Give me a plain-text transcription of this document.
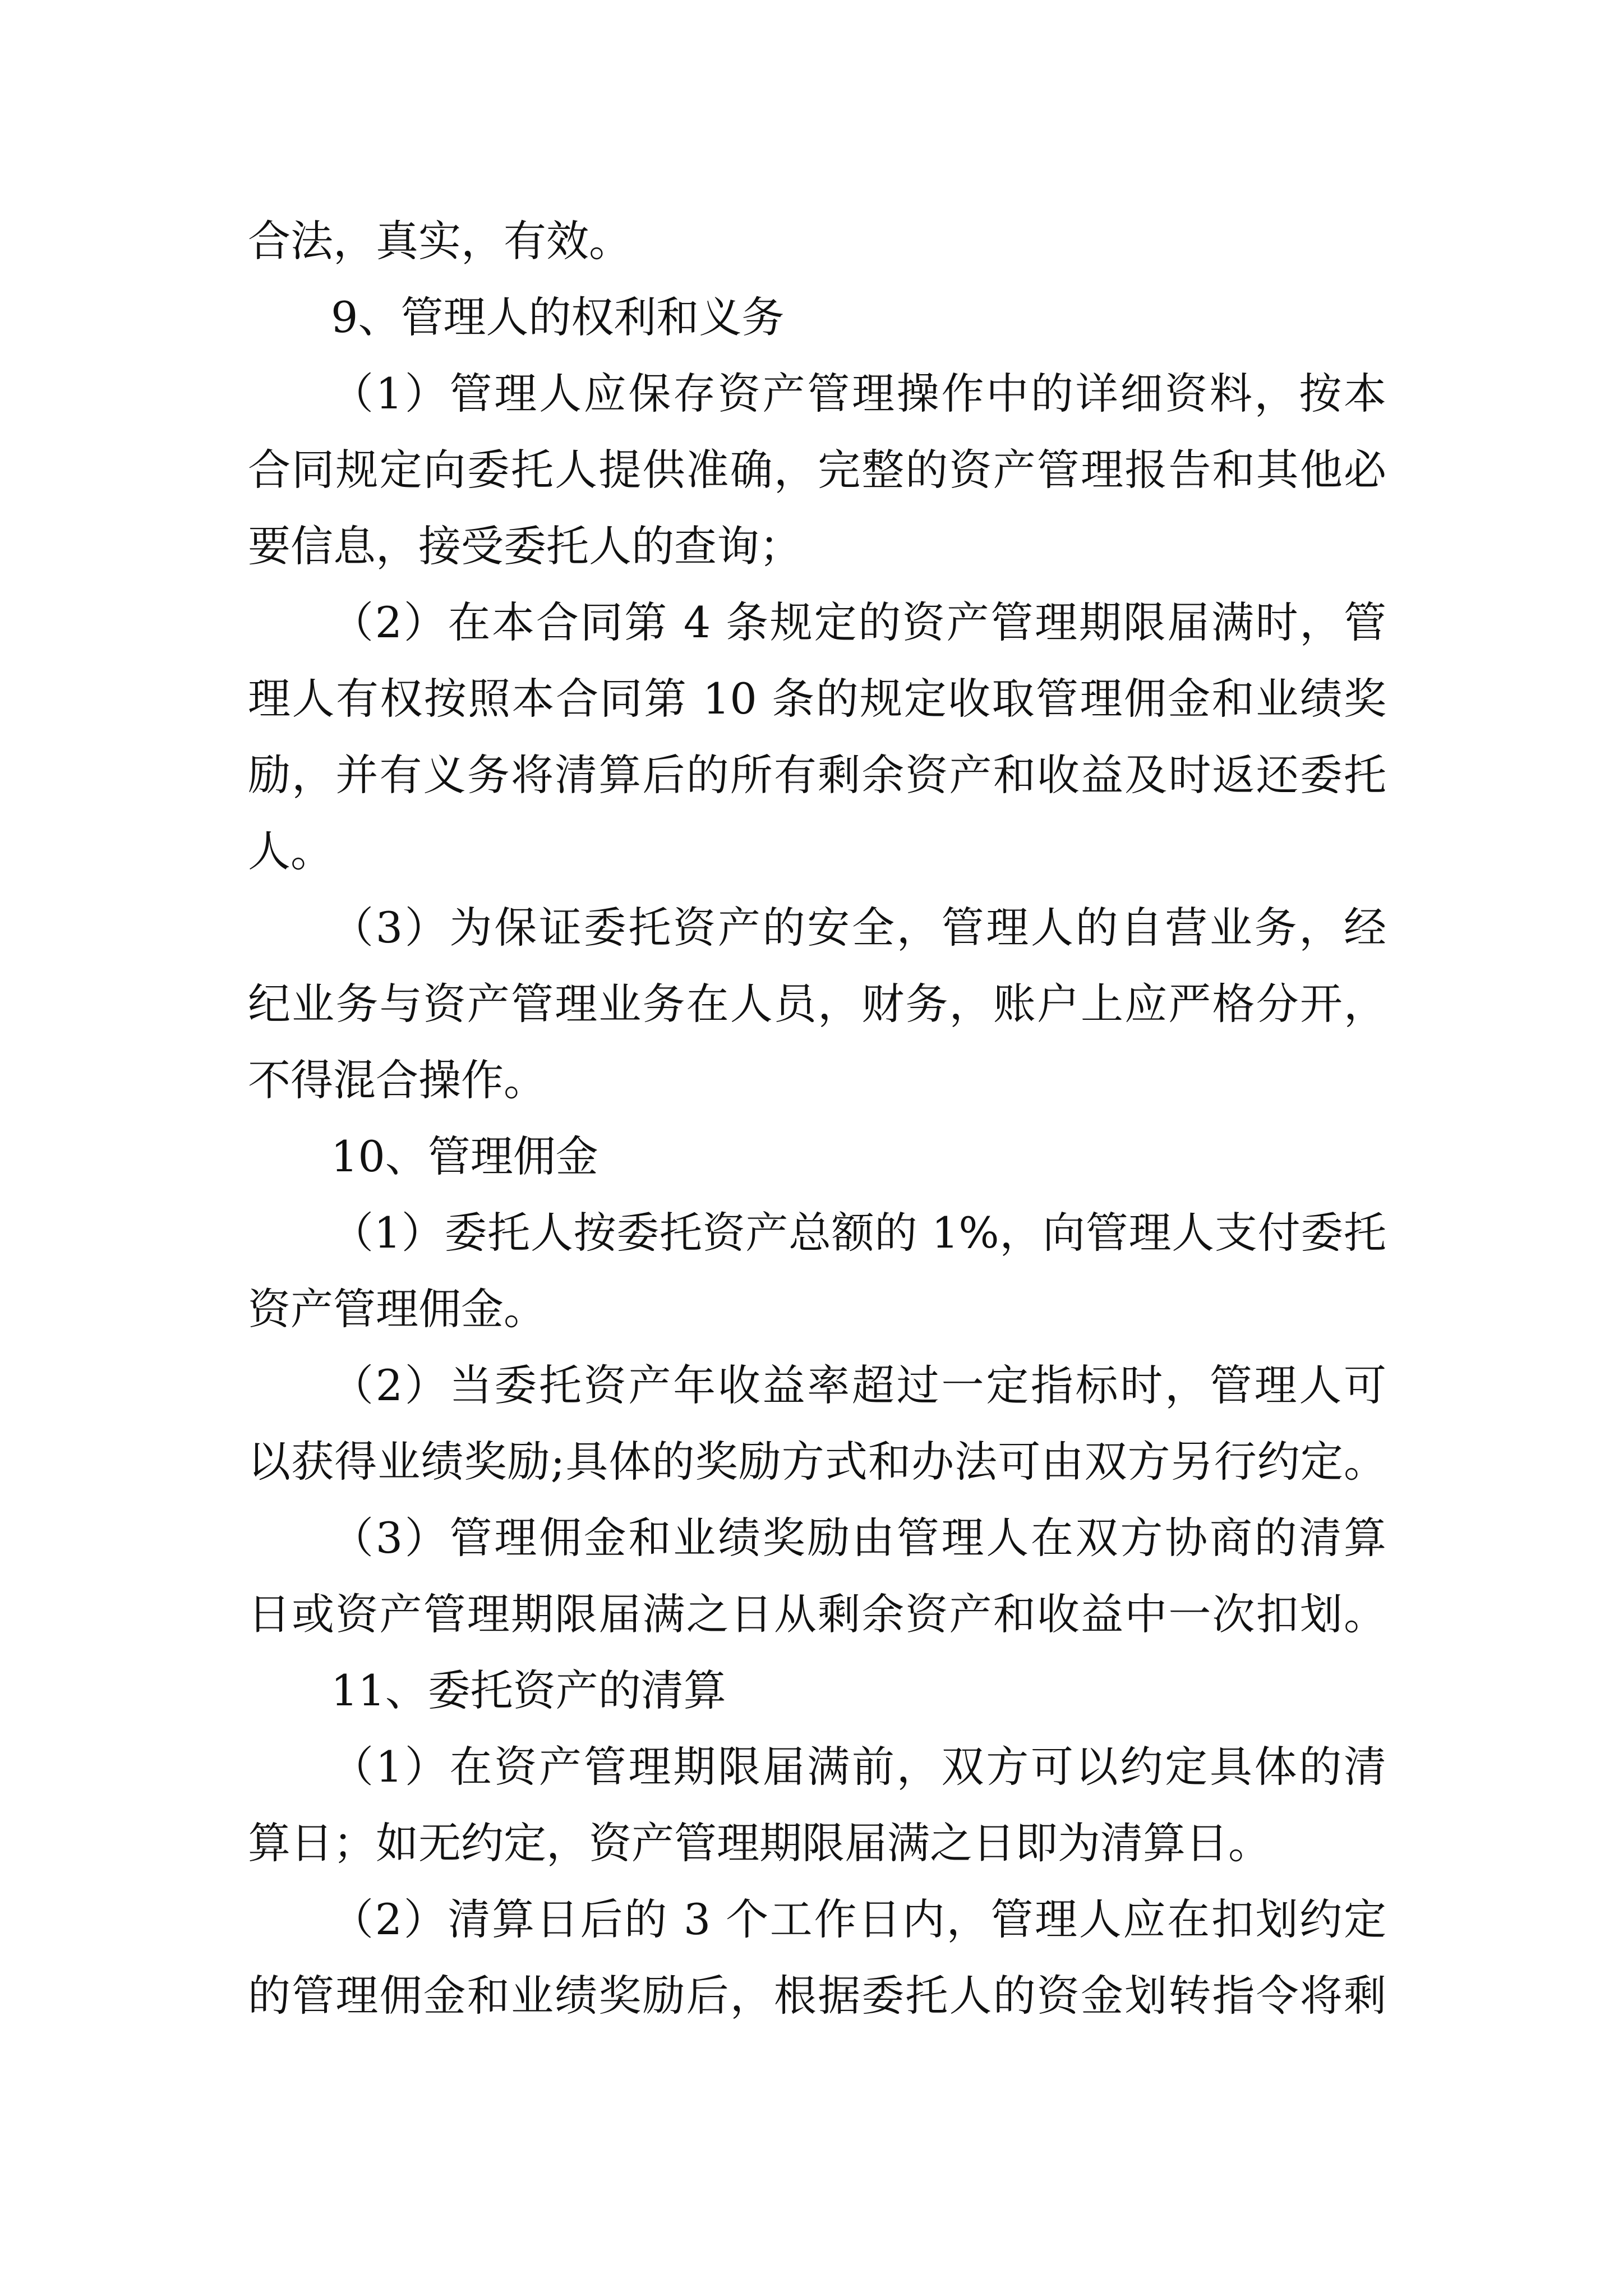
合法，真实，有效。

9、管理人的权利和义务

（1）管理人应保存资产管理操作中的详细资料，按本

合同规定向委托人提供准确，完整的资产管理报告和其他必

要信息，接受委托人的查询；

（2）在本合同第 4 条规定的资产管理期限届满时，管

理人有权按照本合同第 10 条的规定收取管理佣金和业绩奖

励，并有义务将清算后的所有剩余资产和收益及时返还委托

人。

（3）为保证委托资产的安全，管理人的自营业务，经

纪业务与资产管理业务在人员，财务，账户上应严格分开，

不得混合操作。

10、管理佣金

（1）委托人按委托资产总额的 1%，向管理人支付委托

资产管理佣金。

（2）当委托资产年收益率超过一定指标时，管理人可

以获得业绩奖励;具体的奖励方式和办法可由双方另行约定。

（3）管理佣金和业绩奖励由管理人在双方协商的清算

日或资产管理期限届满之日从剩余资产和收益中一次扣划。

11、委托资产的清算

（1）在资产管理期限届满前，双方可以约定具体的清

算日；如无约定，资产管理期限届满之日即为清算日。

（2）清算日后的 3 个工作日内，管理人应在扣划约定

的管理佣金和业绩奖励后，根据委托人的资金划转指令将剩
